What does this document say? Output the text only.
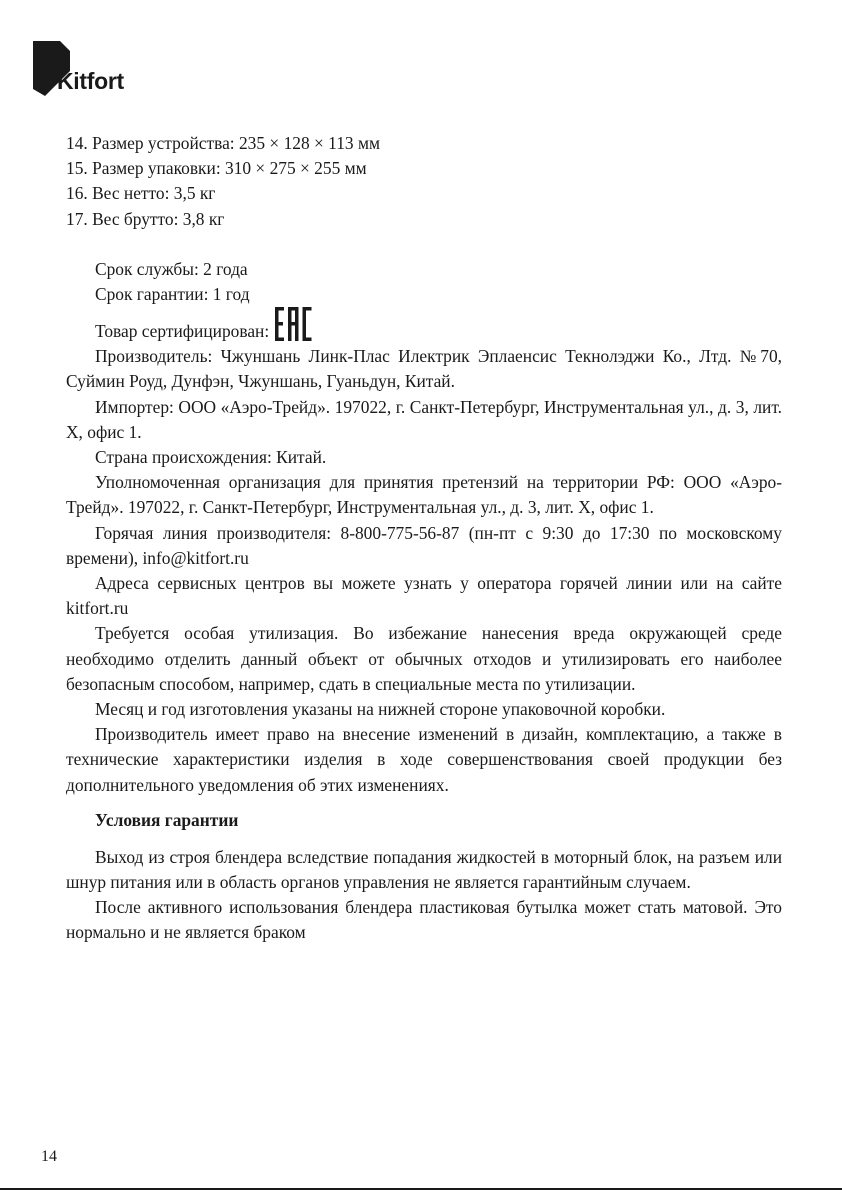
Kitfort

14. Размер устройства: 235 × 128 × 113 мм

15. Размер упаковки: 310 × 275 × 255 мм

16. Вес нетто: 3,5 кг

17. Вес брутто: 3,8 кг

Срок службы: 2 года

Срок гарантии: 1 год

Товар сертифицирован:

Производитель: Чжуншань Линк-Плас Илектрик Эплаенсис Текнолэджи Ко., Лтд. №70, Суймин Роуд, Дунфэн, Чжуншань, Гуаньдун, Китай.

Импортер: ООО «Аэро-Трейд». 197022, г. Санкт-Петербург, Инструментальная ул., д. 3, лит. Х, офис 1.

Страна происхождения: Китай.

Уполномоченная организация для принятия претензий на территории РФ: ООО «Аэро-Трейд». 197022, г. Санкт-Петербург, Инструментальная ул., д. 3, лит. Х, офис 1.

Горячая линия производителя: 8-800-775-56-87 (пн-пт с 9:30 до 17:30 по московскому времени), info@kitfort.ru

Адреса сервисных центров вы можете узнать у оператора горячей линии или на сайте kitfort.ru

Требуется особая утилизация. Во избежание нанесения вреда окружающей среде необходимо отделить данный объект от обычных отходов и утилизировать его наиболее безопасным способом, например, сдать в специальные места по утилизации.

Месяц и год изготовления указаны на нижней стороне упаковочной коробки.

Производитель имеет право на внесение изменений в дизайн, комплектацию, а также в технические характеристики изделия в ходе совершенствования своей продукции без дополнительного уведомления об этих изменениях.

Условия гарантии

Выход из строя блендера вследствие попадания жидкостей в моторный блок, на разъем или шнур питания или в область органов управления не является гарантийным случаем.

После активного использования блендера пластиковая бутылка может стать матовой. Это нормально и не является браком

14
